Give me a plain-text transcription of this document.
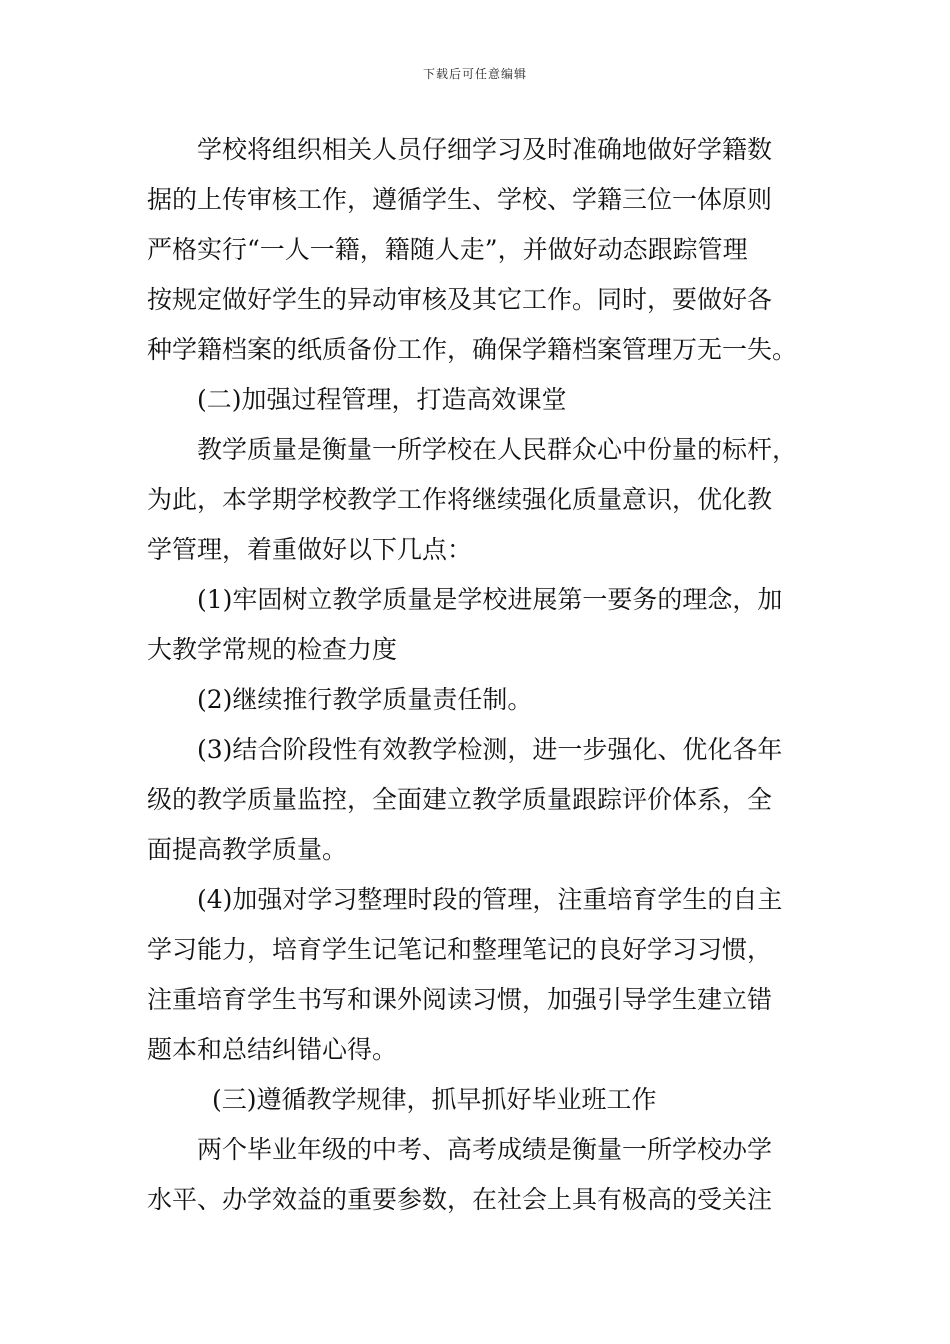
下载后可任意编辑
学校将组织相关人员仔细学习及时准确地做好学籍数
据的上传审核工作，遵循学生、学校、学籍三位一体原则
严格实行“一人一籍，籍随人走”，并做好动态跟踪管理
按规定做好学生的异动审核及其它工作。同时，要做好各
种学籍档案的纸质备份工作，确保学籍档案管理万无一失。
(二)加强过程管理，打造高效课堂
教学质量是衡量一所学校在人民群众心中份量的标杆，
为此，本学期学校教学工作将继续强化质量意识，优化教
学管理，着重做好以下几点：
(1)牢固树立教学质量是学校进展第一要务的理念，加
大教学常规的检查力度
(2)继续推行教学质量责任制。
(3)结合阶段性有效教学检测，进一步强化、优化各年
级的教学质量监控，全面建立教学质量跟踪评价体系，全
面提高教学质量。
(4)加强对学习整理时段的管理，注重培育学生的自主
学习能力，培育学生记笔记和整理笔记的良好学习习惯，
注重培育学生书写和课外阅读习惯，加强引导学生建立错
题本和总结纠错心得。
(三)遵循教学规律，抓早抓好毕业班工作
两个毕业年级的中考、高考成绩是衡量一所学校办学
水平、办学效益的重要参数，在社会上具有极高的受关注
